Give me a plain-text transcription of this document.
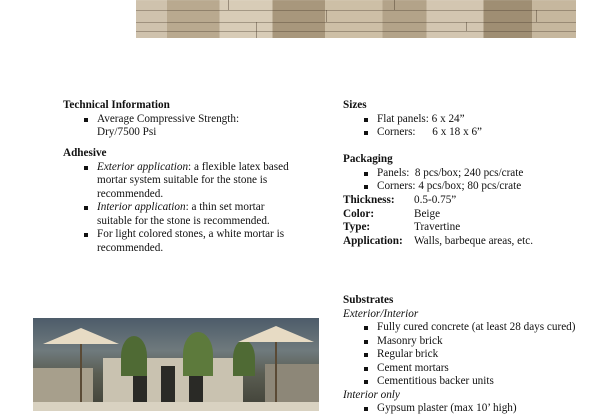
Technical Information
Average Compressive Strength:
Dry/7500 Psi
Adhesive
Exterior application: a flexible latex based
mortar system suitable for the stone is
recommended.
Interior application: a thin set mortar
suitable for the stone is recommended.
For light colored stones, a white mortar is
recommended.
Sizes
Flat panels: 6 x 24”
Corners:      6 x 18 x 6”
Packaging
Panels:  8 pcs/box; 240 pcs/crate
Corners: 4 pcs/box; 80 pcs/crate
Thickness:	0.5-0.75”
Color:	Beige
Type:	Travertine
Application:	Walls, barbeque areas, etc.
Substrates
Exterior/Interior
Fully cured concrete (at least 28 days cured)
Masonry brick
Regular brick
Cement mortars
Cementitious backer units
Interior only
Gypsum plaster (max 10’ high)
